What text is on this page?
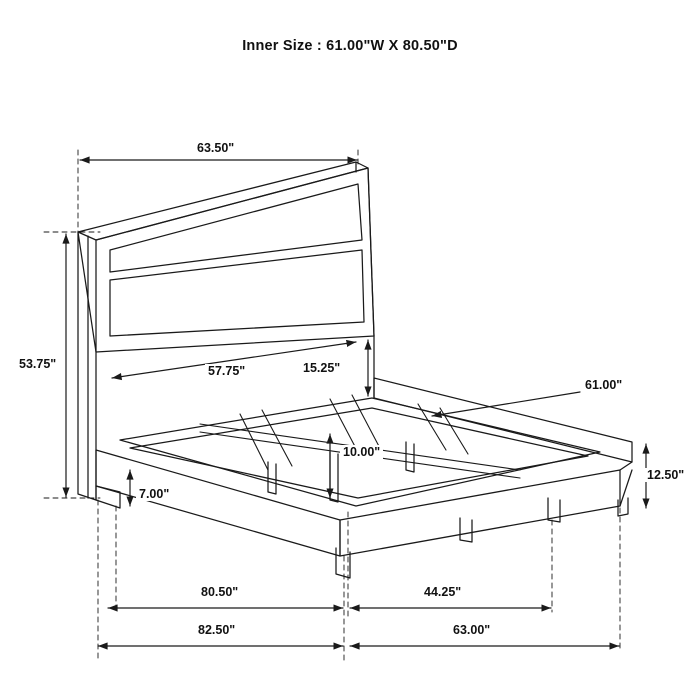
Inner Size : 61.00"W X 80.50"D
63.50"
53.75"	57.75"	15.25"
61.00"
12.50"
10.00"
7.00"
80.50"	44.25"
82.50"	63.00"
